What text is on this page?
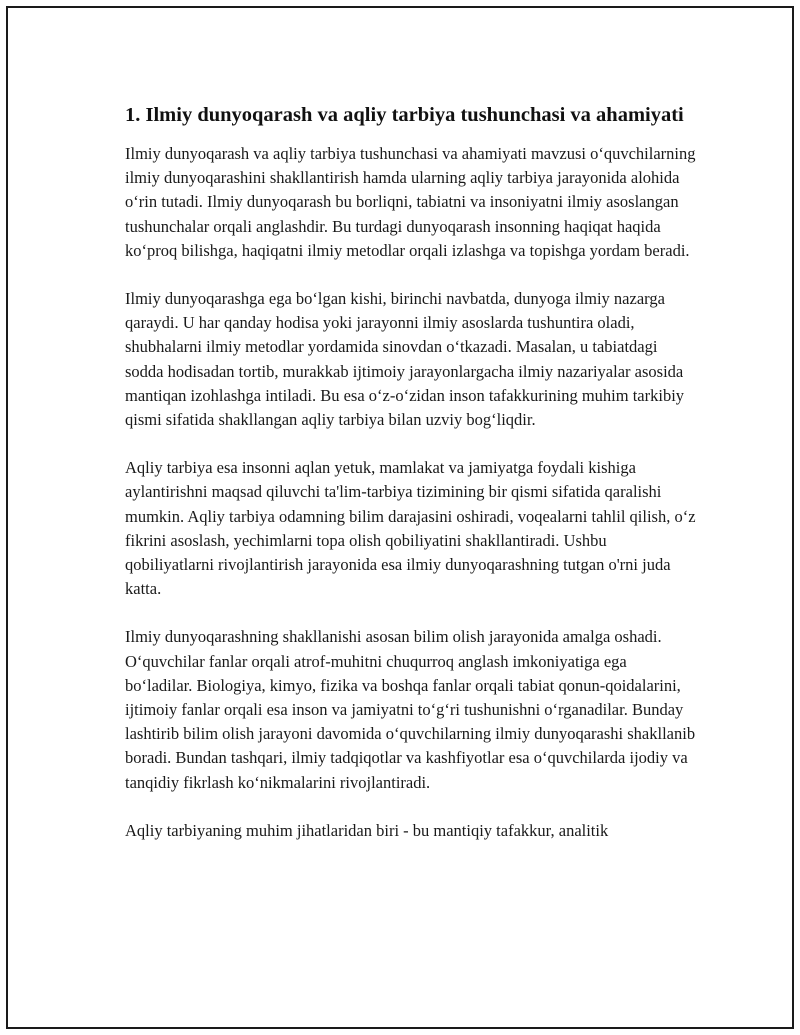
1. Ilmiy dunyoqarash va aqliy tarbiya tushunchasi va ahamiyati

Ilmiy dunyoqarash va aqliy tarbiya tushunchasi va ahamiyati mavzusi o‘quvchilarning ilmiy dunyoqarashini shakllantirish hamda ularning aqliy tarbiya jarayonida alohida o‘rin tutadi. Ilmiy dunyoqarash bu borliqni, tabiatni va insoniyatni ilmiy asoslangan tushunchalar orqali anglashdir. Bu turdagi dunyoqarash insonning haqiqat haqida ko‘proq bilishga, haqiqatni ilmiy metodlar orqali izlashga va topishga yordam beradi.

Ilmiy dunyoqarashga ega bo‘lgan kishi, birinchi navbatda, dunyoga ilmiy nazarga qaraydi. U har qanday hodisa yoki jarayonni ilmiy asoslarda tushuntira oladi, shubhalarni ilmiy metodlar yordamida sinovdan o‘tkazadi. Masalan, u tabiatdagi sodda hodisadan tortib, murakkab ijtimoiy jarayonlargacha ilmiy nazariyalar asosida mantiqan izohlashga intiladi. Bu esa o‘z-o‘zidan inson tafakkurining muhim tarkibiy qismi sifatida shakllangan aqliy tarbiya bilan uzviy bog‘liqdir.

Aqliy tarbiya esa insonni aqlan yetuk, mamlakat va jamiyatga foydali kishiga aylantirishni maqsad qiluvchi ta'lim-tarbiya tizimining bir qismi sifatida qaralishi mumkin. Aqliy tarbiya odamning bilim darajasini oshiradi, voqealarni tahlil qilish, o‘z fikrini asoslash, yechimlarni topa olish qobiliyatini shakllantiradi. Ushbu qobiliyatlarni rivojlantirish jarayonida esa ilmiy dunyoqarashning tutgan o'rni juda katta.

Ilmiy dunyoqarashning shakllanishi asosan bilim olish jarayonida amalga oshadi. O‘quvchilar fanlar orqali atrof-muhitni chuqurroq anglash imkoniyatiga ega bo‘ladilar. Biologiya, kimyo, fizika va boshqa fanlar orqali tabiat qonun-qoidalarini, ijtimoiy fanlar orqali esa inson va jamiyatni to‘g‘ri tushunishni o‘rganadilar. Bunday lashtirib bilim olish jarayoni davomida o‘quvchilarning ilmiy dunyoqarashi shakllanib boradi. Bundan tashqari, ilmiy tadqiqotlar va kashfiyotlar esa o‘quvchilarda ijodiy va tanqidiy fikrlash ko‘nikmalarini rivojlantiradi.

Aqliy tarbiyaning muhim jihatlaridan biri - bu mantiqiy tafakkur, analitik
